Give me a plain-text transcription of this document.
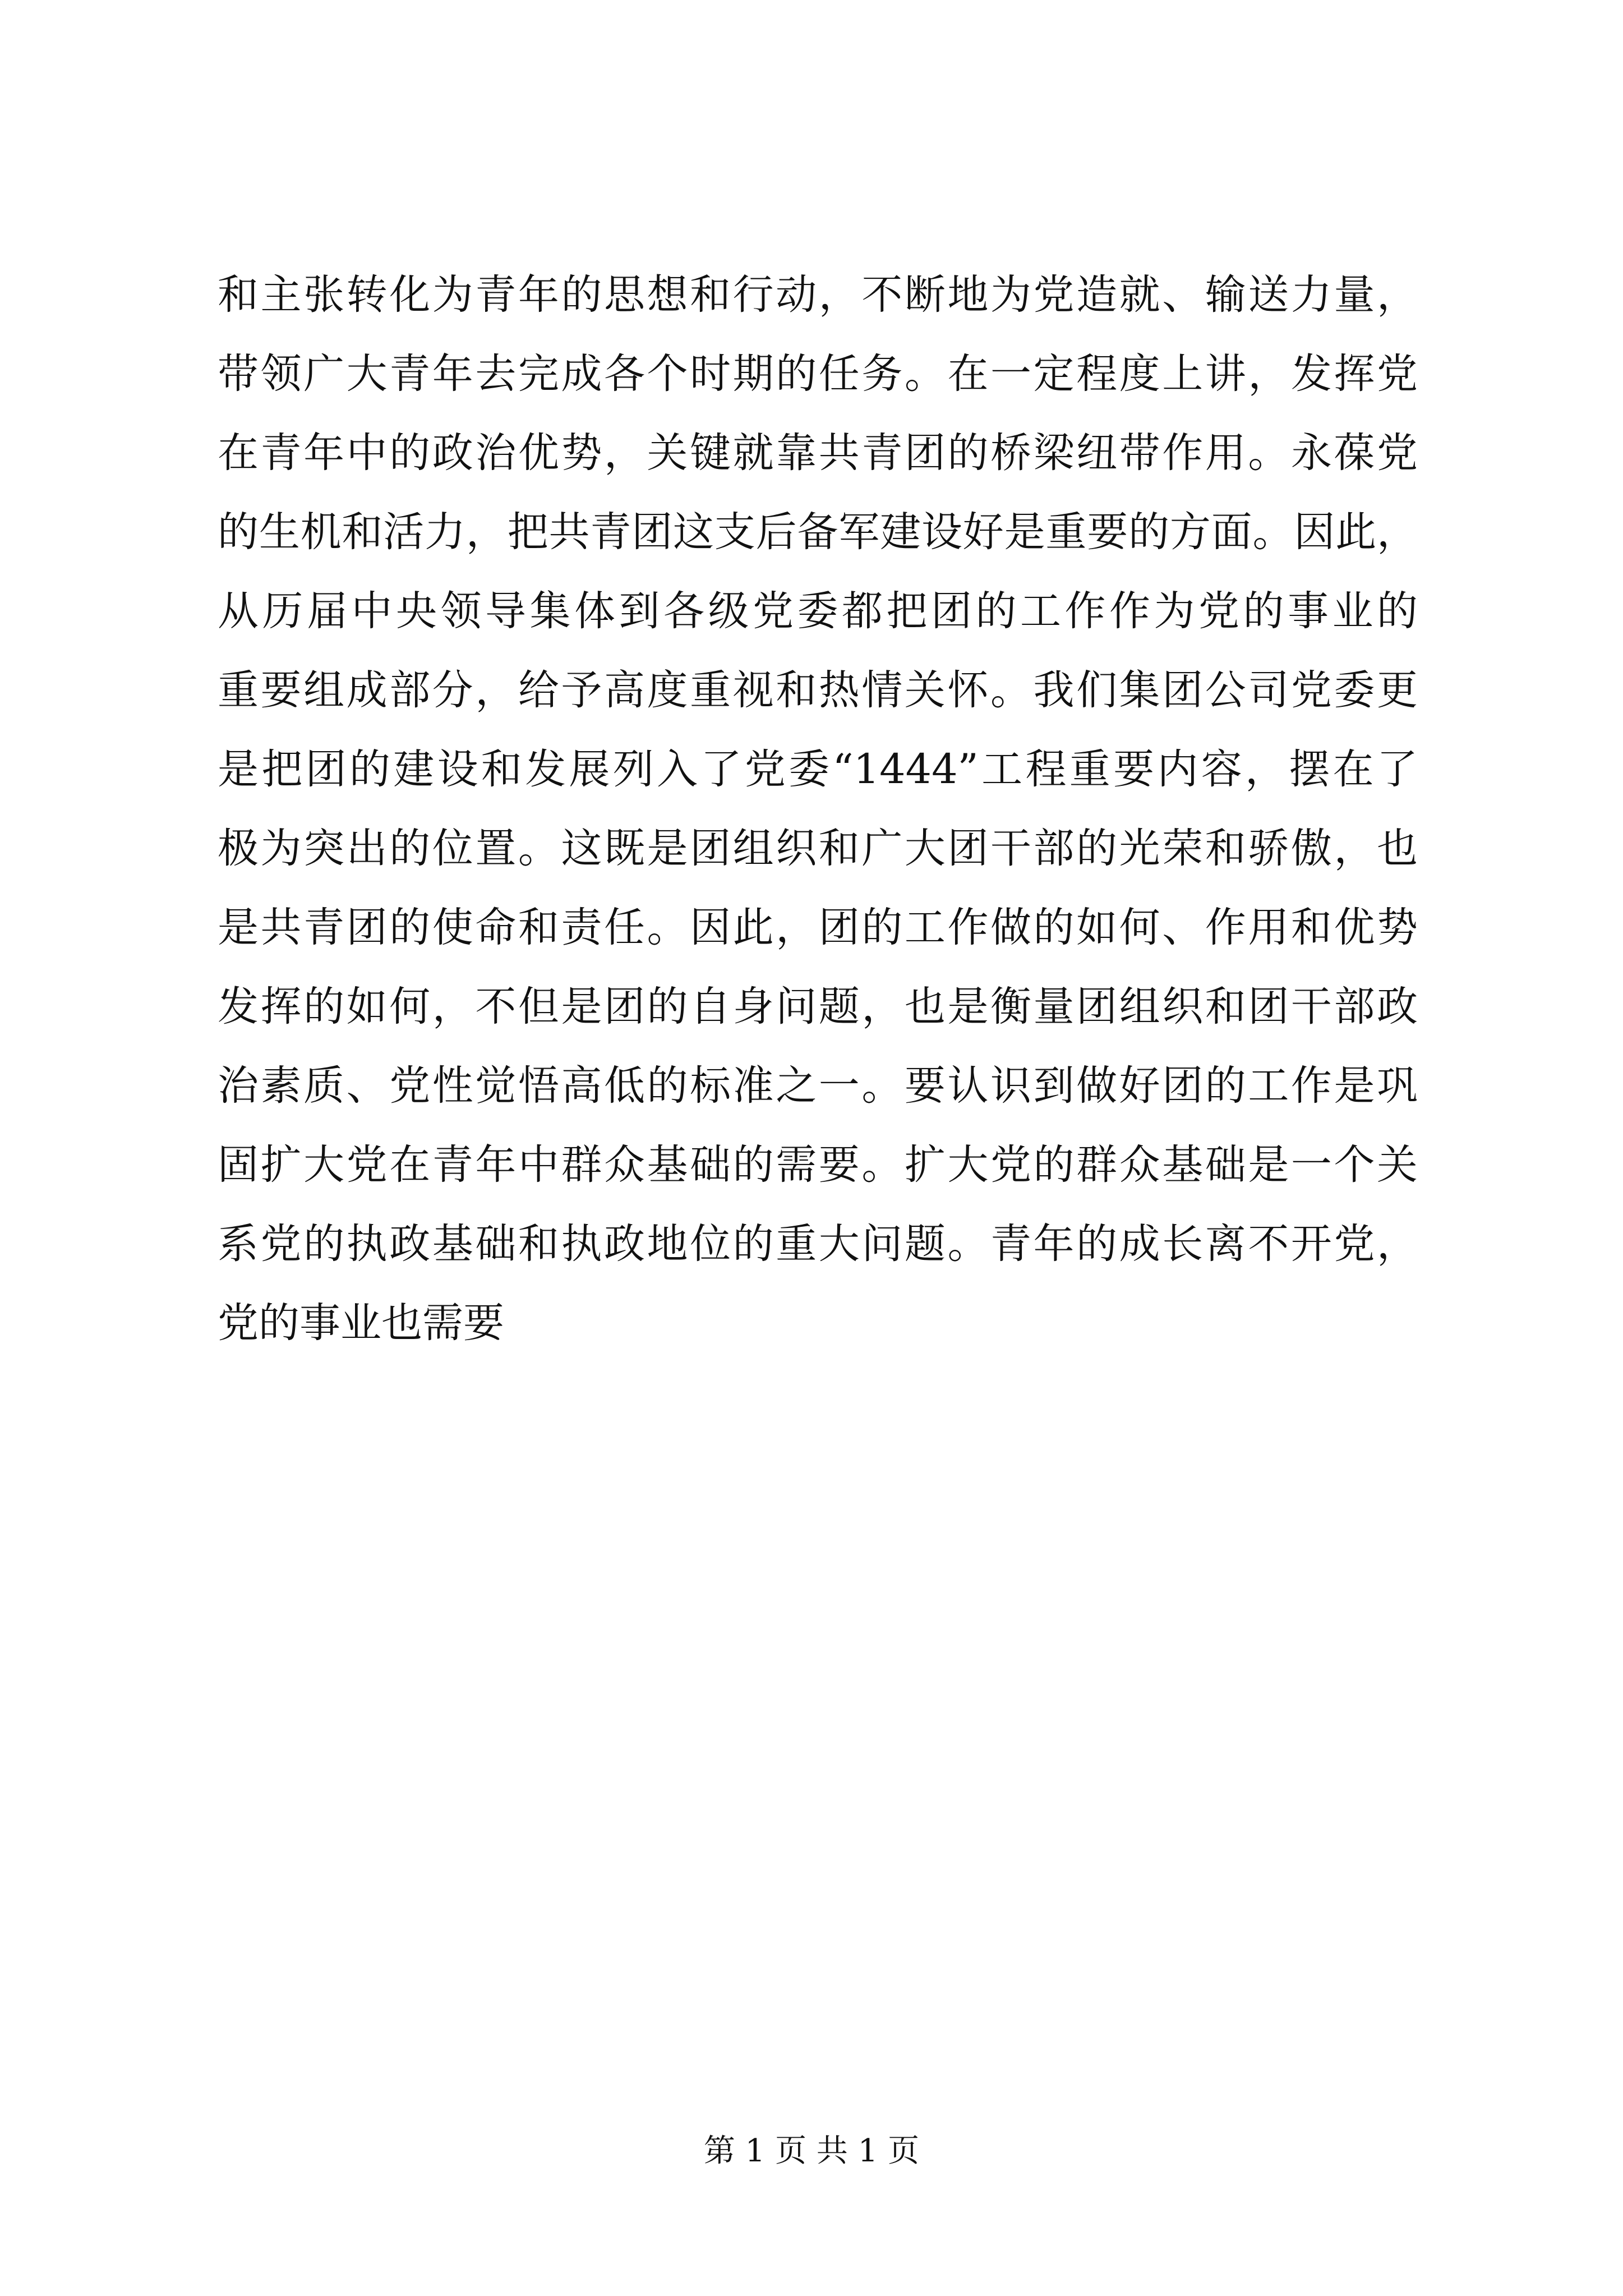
和主张转化为青年的思想和行动，不断地为党造就、输送力量，
带领广大青年去完成各个时期的任务。在一定程度上讲，发挥党
在青年中的政治优势，关键就靠共青团的桥梁纽带作用。永葆党
的生机和活力，把共青团这支后备军建设好是重要的方面。因此，
从历届中央领导集体到各级党委都把团的工作作为党的事业的
重要组成部分，给予高度重视和热情关怀。我们集团公司党委更
是把团的建设和发展列入了党委“1444”工程重要内容，摆在了
极为突出的位置。这既是团组织和广大团干部的光荣和骄傲，也
是共青团的使命和责任。因此，团的工作做的如何、作用和优势
发挥的如何，不但是团的自身问题，也是衡量团组织和团干部政
治素质、党性觉悟高低的标准之一。要认识到做好团的工作是巩
固扩大党在青年中群众基础的需要。扩大党的群众基础是一个关
系党的执政基础和执政地位的重大问题。青年的成长离不开党，
党的事业也需要
第 1 页 共 1 页
